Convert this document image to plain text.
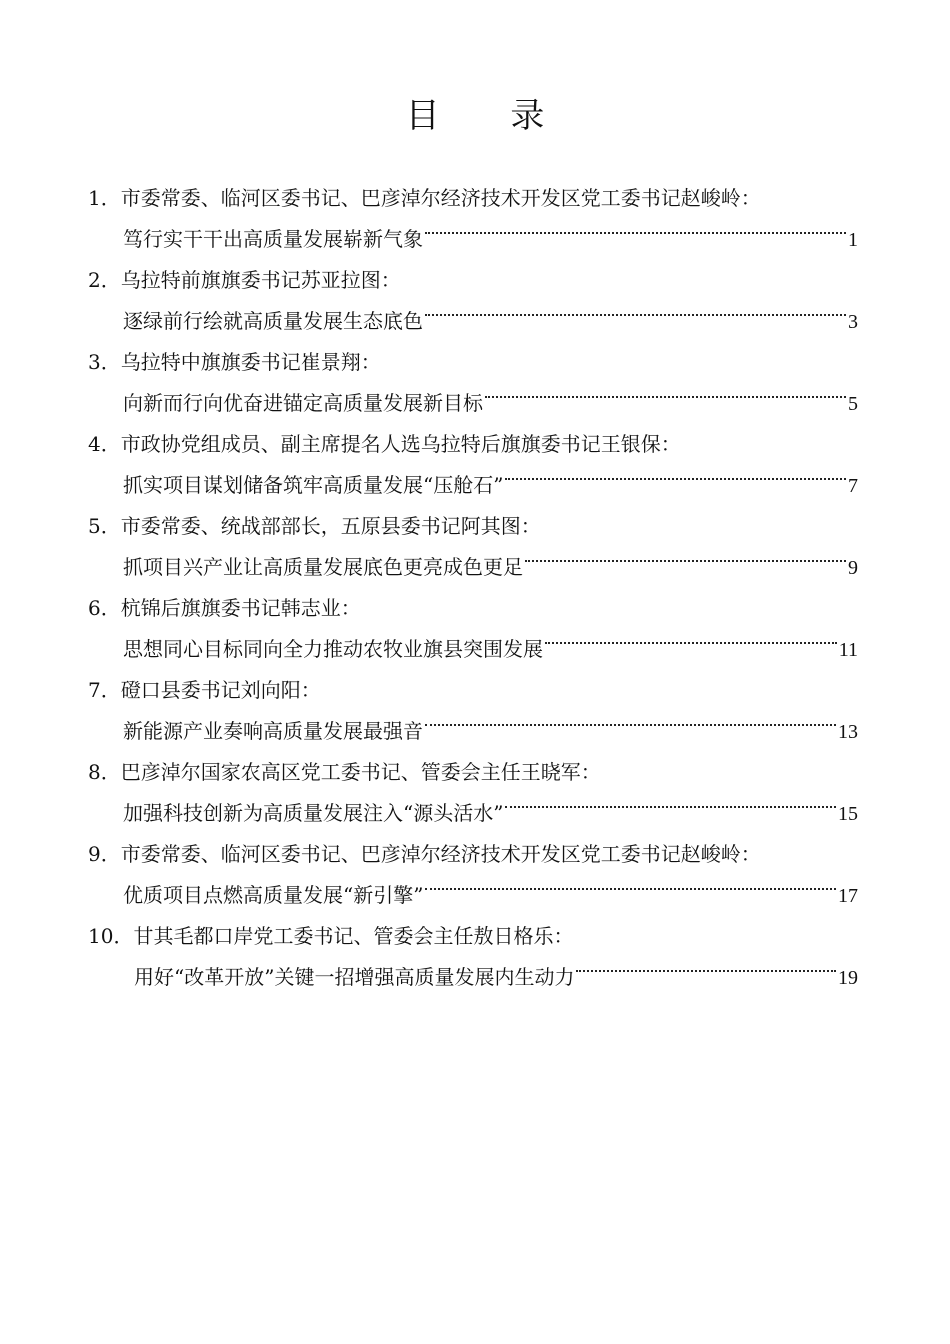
目 录
1．市委常委、临河区委书记、巴彦淖尔经济技术开发区党工委书记赵峻岭：
笃行实干干出高质量发展崭新气象	1
2．乌拉特前旗旗委书记苏亚拉图：
逐绿前行绘就高质量发展生态底色	3
3．乌拉特中旗旗委书记崔景翔：
向新而行向优奋进锚定高质量发展新目标	5
4．市政协党组成员、副主席提名人选乌拉特后旗旗委书记王银保：
抓实项目谋划储备筑牢高质量发展“压舱石”	7
5．市委常委、统战部部长，五原县委书记阿其图：
抓项目兴产业让高质量发展底色更亮成色更足	9
6．杭锦后旗旗委书记韩志业：
思想同心目标同向全力推动农牧业旗县突围发展	11
7．磴口县委书记刘向阳：
新能源产业奏响高质量发展最强音	13
8．巴彦淖尔国家农高区党工委书记、管委会主任王晓军：
加强科技创新为高质量发展注入“源头活水”	15
9．市委常委、临河区委书记、巴彦淖尔经济技术开发区党工委书记赵峻岭：
优质项目点燃高质量发展“新引擎”	17
10．甘其毛都口岸党工委书记、管委会主任敖日格乐：
用好“改革开放”关键一招增强高质量发展内生动力	19
